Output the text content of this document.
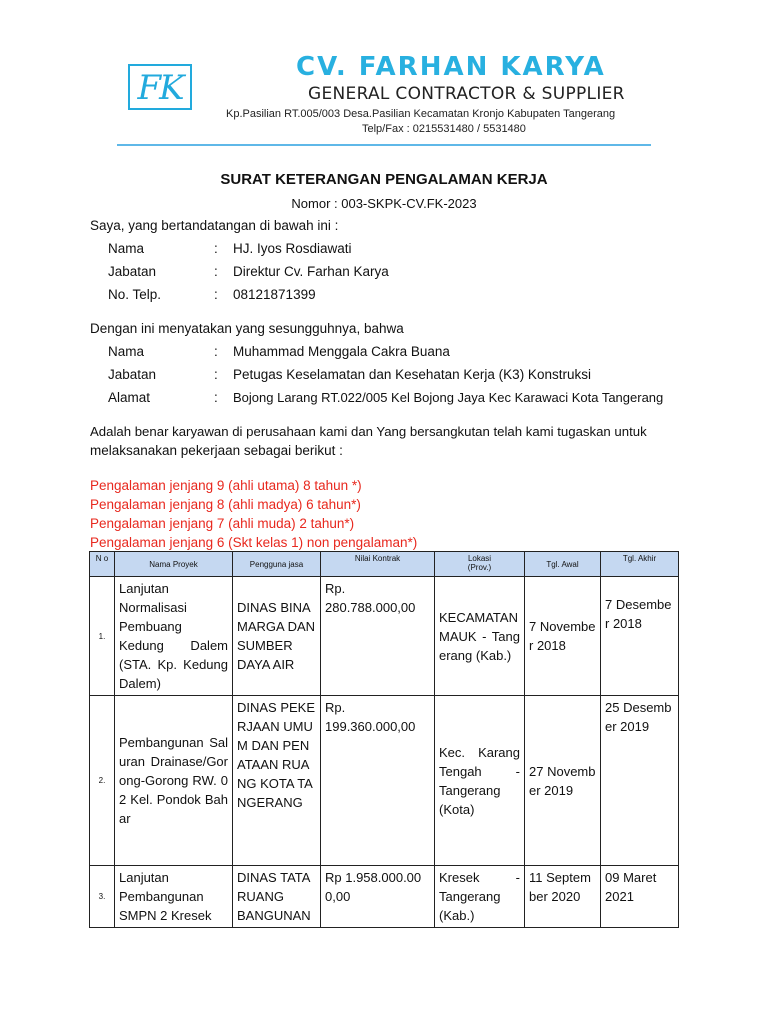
FK
CV. FARHAN KARYA
GENERAL CONTRACTOR & SUPPLIER
Kp.Pasilian RT.005/003 Desa.Pasilian Kecamatan Kronjo Kabupaten Tangerang
Telp/Fax : 0215531480 / 5531480
SURAT KETERANGAN PENGALAMAN KERJA
Nomor : 003-SKPK-CV.FK-2023
Saya, yang bertandatangan di bawah ini :
Nama	: HJ. Iyos Rosdiawati
Jabatan	: Direktur Cv. Farhan Karya
No. Telp.	: 08121871399
Dengan ini menyatakan yang sesungguhnya, bahwa
Nama	: Muhammad Menggala Cakra Buana
Jabatan	: Petugas Keselamatan dan Kesehatan Kerja (K3) Konstruksi
Alamat	: Bojong Larang RT.022/005 Kel Bojong Jaya Kec Karawaci Kota Tangerang
Adalah benar karyawan di perusahaan kami dan Yang bersangkutan telah kami tugaskan untuk
melaksanakan pekerjaan sebagai berikut :
Pengalaman jenjang 9 (ahli utama) 8 tahun *)
Pengalaman jenjang 8 (ahli madya) 6 tahun*)
Pengalaman jenjang 7 (ahli muda) 2 tahun*)
Pengalaman jenjang 6 (Skt kelas 1) non pengalaman*)
N o	Nama Proyek	Pengguna jasa	Nilai Kontrak	Lokasi
(Prov.)	Tgl. Awal	Tgl. Akhir
1.	Lanjutan Normalisasi Pembuang Kedung Dalem (STA. Kp. Kedung Dalem)	DINAS BINA MARGA DAN SUMBER DAYA AIR	Rp. 280.788.000,00	KECAMATAN MAUK - Tangerang (Kab.)	7 November 2018	7 Desember 2018
2.	Pembangunan Saluran Drainase/Gorong-Gorong RW. 02 Kel. Pondok Bahar	DINAS PEKERJAAN UMUM DAN PENATAAN RUANG KOTA TANGERANG	Rp. 199.360.000,00	Kec. Karang Tengah - Tangerang (Kota)	27 November 2019	25 Desember 2019
3.	Lanjutan Pembangunan SMPN 2 Kresek	DINAS TATA RUANG BANGUNAN	Rp 1.958.000.000,00	Kresek - Tangerang (Kab.)	11 September 2020	09 Maret 2021
